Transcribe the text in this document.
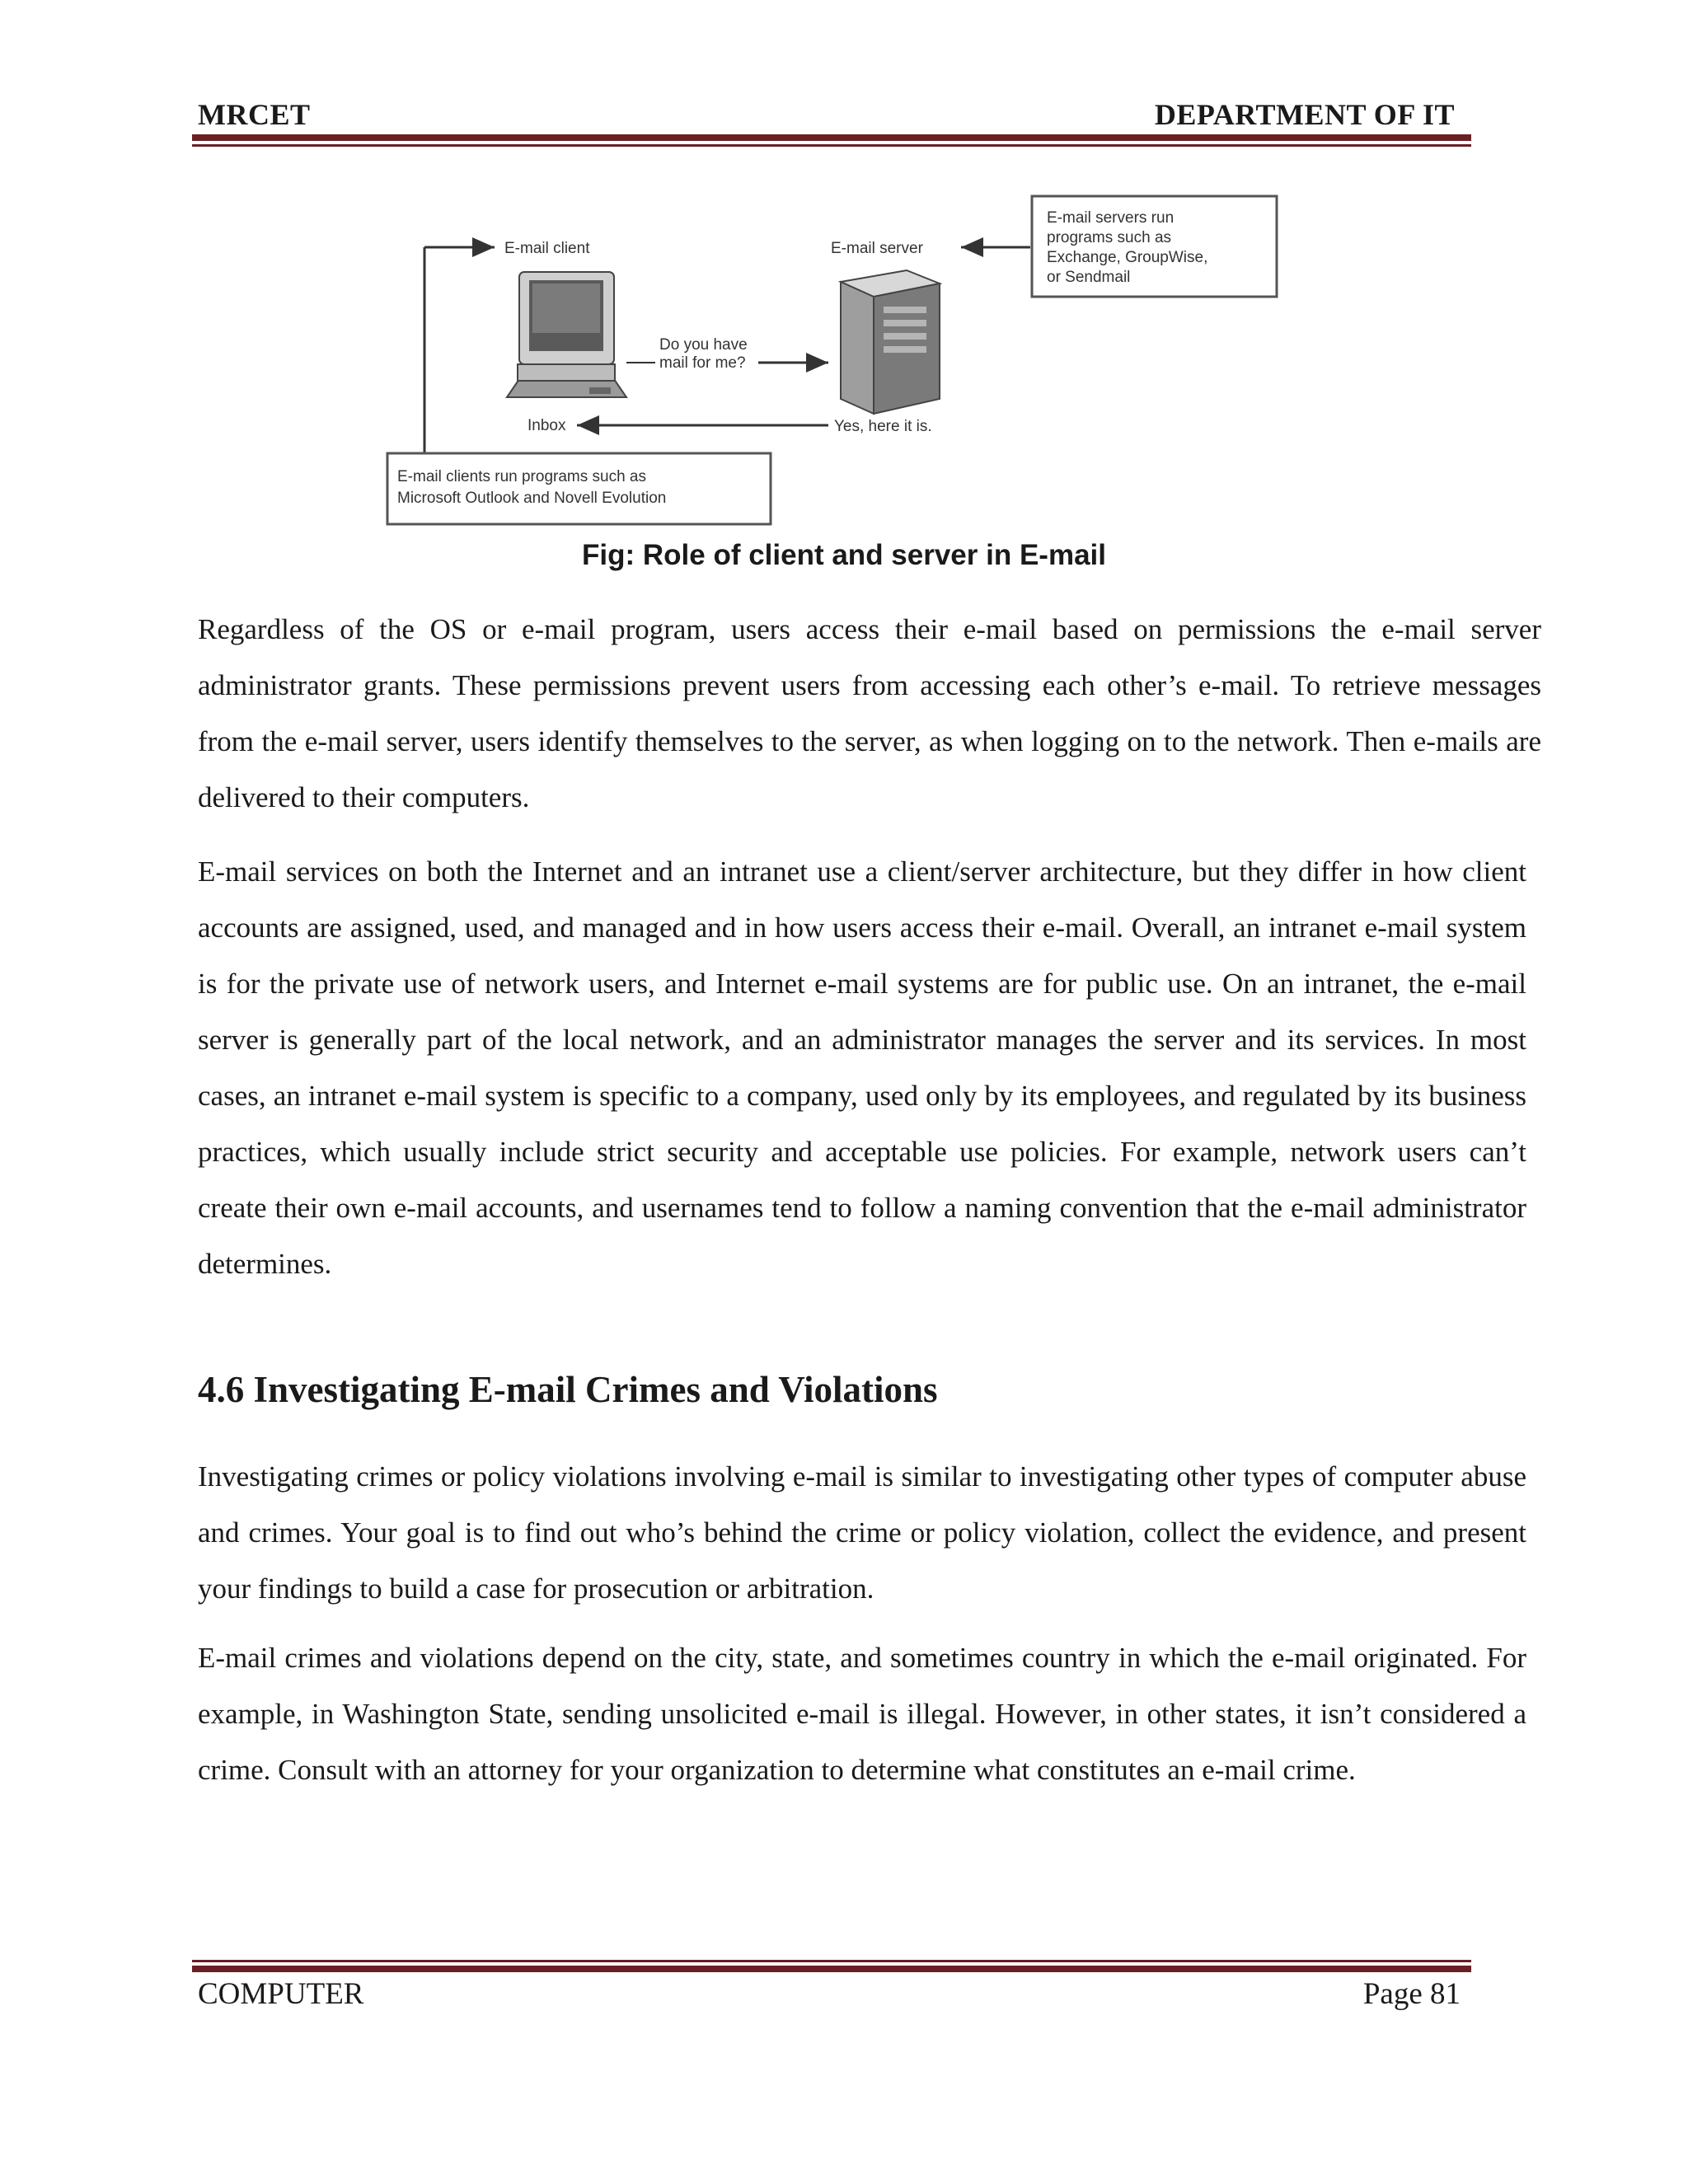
MRCET	DEPARTMENT OF IT
E-mail client	E-mail server
E-mail servers run
programs such as
Exchange, GroupWise,
or Sendmail
Inbox
Do you have
mail for me?
Yes, here it is.
E-mail clients run programs such as
Microsoft Outlook and Novell Evolution
Fig: Role of client and server in E-mail

Regardless of the OS or e-mail program, users access their e-mail based on permissions the e-mail server administrator grants. These permissions prevent users from accessing each other’s e-mail. To retrieve messages from the e-mail server, users identify themselves to the server, as when logging on to the network. Then e-mails are delivered to their computers.

E-mail services on both the Internet and an intranet use a client/server architecture, but they differ in how client accounts are assigned, used, and managed and in how users access their e-mail. Overall, an intranet e-mail system is for the private use of network users, and Internet e-mail systems are for public use. On an intranet, the e-mail server is generally part of the local network, and an administrator manages the server and its services. In most cases, an intranet e-mail system is specific to a company, used only by its employees, and regulated by its business practices, which usually include strict security and acceptable use policies. For example, network users can’t create their own e-mail accounts, and usernames tend to follow a naming convention that the e-mail administrator determines.

4.6 Investigating E-mail Crimes and Violations

Investigating crimes or policy violations involving e-mail is similar to investigating other types of computer abuse and crimes. Your goal is to find out who’s behind the crime or policy violation, collect the evidence, and present your findings to build a case for prosecution or arbitration.

E-mail crimes and violations depend on the city, state, and sometimes country in which the e-mail originated. For example, in Washington State, sending unsolicited e-mail is illegal. However, in other states, it isn’t considered a crime. Consult with an attorney for your organization to determine what constitutes an e-mail crime.

COMPUTER	Page 81
